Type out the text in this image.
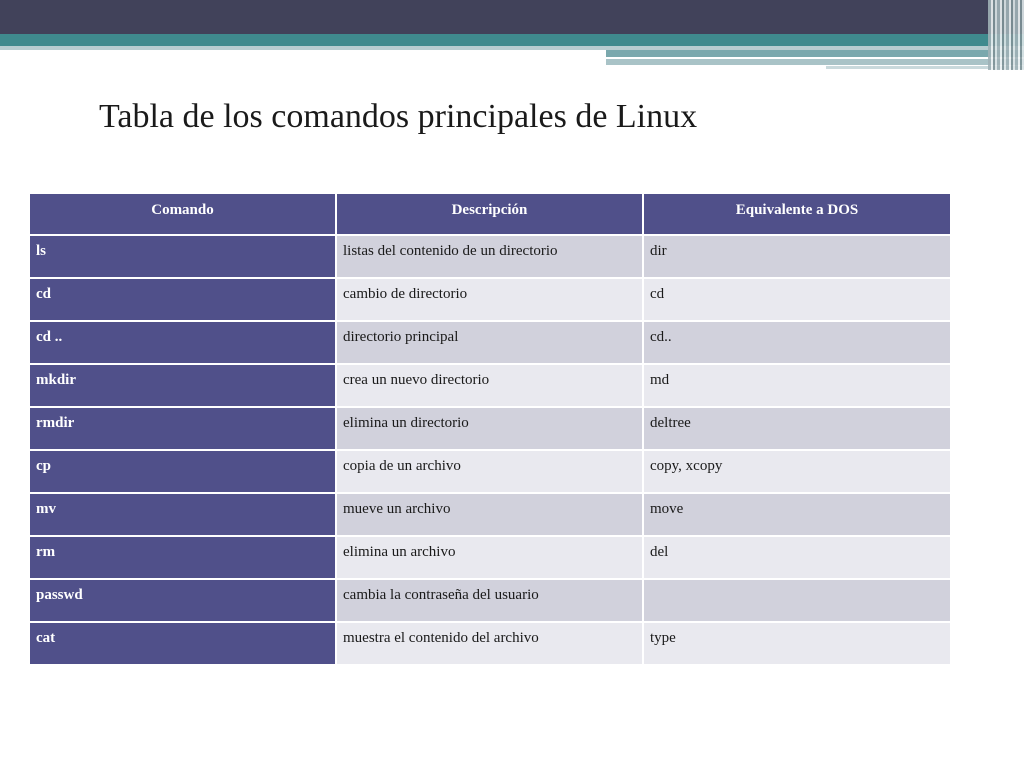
Tabla de los comandos principales de Linux
Comando	Descripción	Equivalente a DOS
ls	listas del contenido de un directorio	dir
cd	cambio de directorio	cd
cd ..	directorio principal	cd..
mkdir	crea un nuevo directorio	md
rmdir	elimina un directorio	deltree
cp	copia de un archivo	copy, xcopy
mv	mueve un archivo	move
rm	elimina un archivo	del
passwd	cambia la contraseña del usuario	
cat	muestra el contenido del archivo	type
